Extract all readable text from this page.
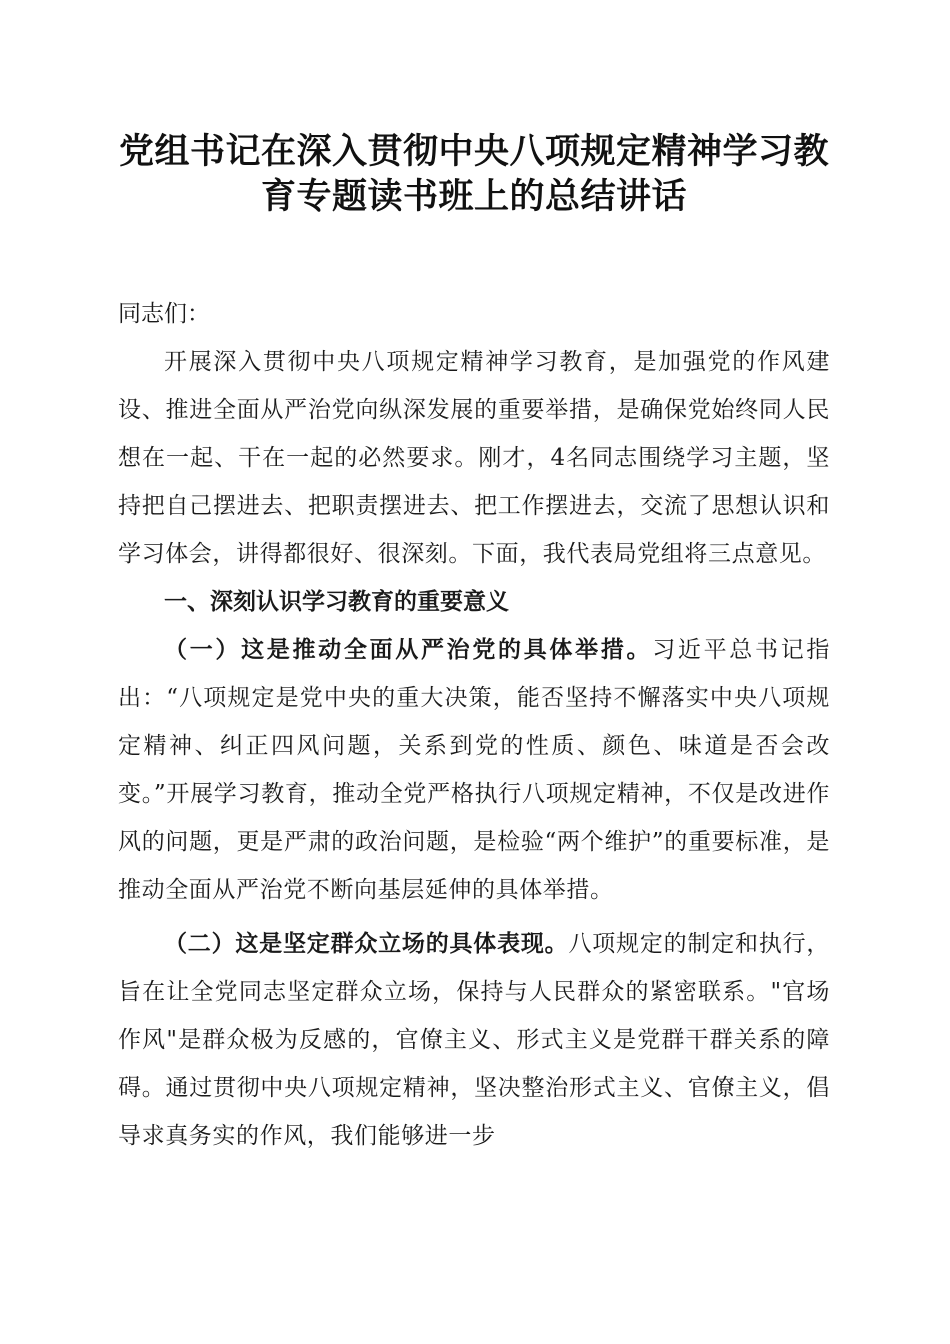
党组书记在深入贯彻中央八项规定精神学习教
育专题读书班上的总结讲话

同志们：

开展深入贯彻中央八项规定精神学习教育，是加强党的作风建设、推进全面从严治党向纵深发展的重要举措，是确保党始终同人民想在一起、干在一起的必然要求。刚才，4名同志围绕学习主题，坚持把自己摆进去、把职责摆进去、把工作摆进去，交流了思想认识和学习体会，讲得都很好、很深刻。下面，我代表局党组将三点意见。

一、深刻认识学习教育的重要意义

（一）这是推动全面从严治党的具体举措。习近平总书记指出：“八项规定是党中央的重大决策，能否坚持不懈落实中央八项规定精神、纠正四风问题，关系到党的性质、颜色、味道是否会改变。”开展学习教育，推动全党严格执行八项规定精神，不仅是改进作风的问题，更是严肃的政治问题，是检验“两个维护”的重要标准，是推动全面从严治党不断向基层延伸的具体举措。

（二）这是坚定群众立场的具体表现。八项规定的制定和执行，旨在让全党同志坚定群众立场，保持与人民群众的紧密联系。"官场作风"是群众极为反感的，官僚主义、形式主义是党群干群关系的障碍。通过贯彻中央八项规定精神，坚决整治形式主义、官僚主义，倡导求真务实的作风，我们能够进一步
